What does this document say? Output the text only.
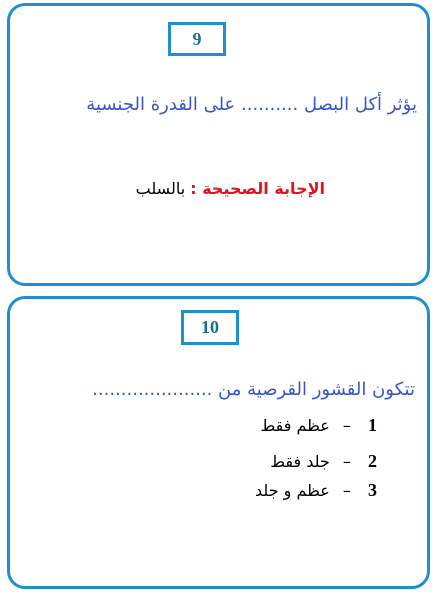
9
يؤثر أكل البصل .......... على القدرة الجنسية
الإجابة الصحيحة : بالسلب
10
تتكون القشور القرصية من .....................
1 – عظم فقط
2 – جلد فقط
3 – عظم و جلد
